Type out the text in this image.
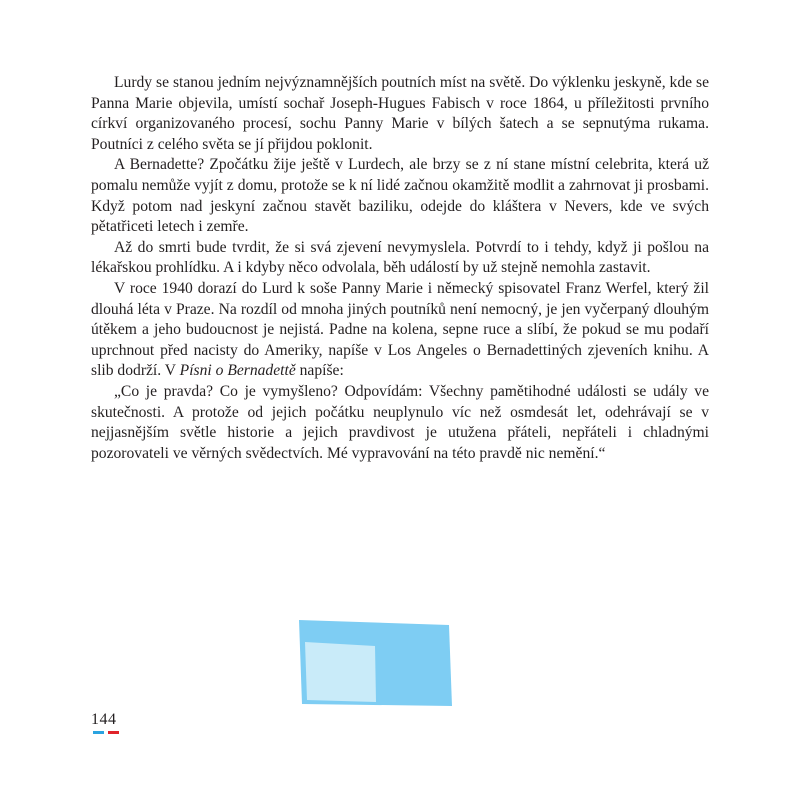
Lurdy se stanou jedním nejvýznamnějších poutních míst na světě. Do výklenku jeskyně, kde se Panna Marie objevila, umístí sochař Joseph-Hugues Fabisch v roce 1864, u příležitosti prvního církví organizovaného procesí, sochu Panny Marie v bílých šatech a se sepnutýma rukama. Poutníci z celého světa se jí přijdou poklonit.

A Bernadette? Zpočátku žije ještě v Lurdech, ale brzy se z ní stane místní celebrita, která už pomalu nemůže vyjít z domu, protože se k ní lidé začnou okamžitě modlit a zahrnovat ji prosbami. Když potom nad jeskyní začnou stavět baziliku, odejde do kláštera v Nevers, kde ve svých pětatřiceti letech i zemře.

Až do smrti bude tvrdit, že si svá zjevení nevymyslela. Potvrdí to i tehdy, když ji pošlou na lékařskou prohlídku. A i kdyby něco odvolala, běh událostí by už stejně nemohla zastavit.

V roce 1940 dorazí do Lurd k soše Panny Marie i německý spisovatel Franz Werfel, který žil dlouhá léta v Praze. Na rozdíl od mnoha jiných poutníků není nemocný, je jen vyčerpaný dlouhým útěkem a jeho budoucnost je nejistá. Padne na kolena, sepne ruce a slíbí, že pokud se mu podaří uprchnout před nacisty do Ameriky, napíše v Los Angeles o Bernadettiných zjeveních knihu. A slib dodrží. V Písni o Bernadettě napíše:

„Co je pravda? Co je vymyšleno? Odpovídám: Všechny pamětihodné události se udály ve skutečnosti. A protože od jejich počátku neuplynulo víc než osmdesát let, odehrávají se v nejjasnějším světle historie a jejich pravdivost je utužena přáteli, nepřáteli i chladnými pozorovateli ve věrných svědectvích. Mé vypravování na této pravdě nic nemění.“

144
